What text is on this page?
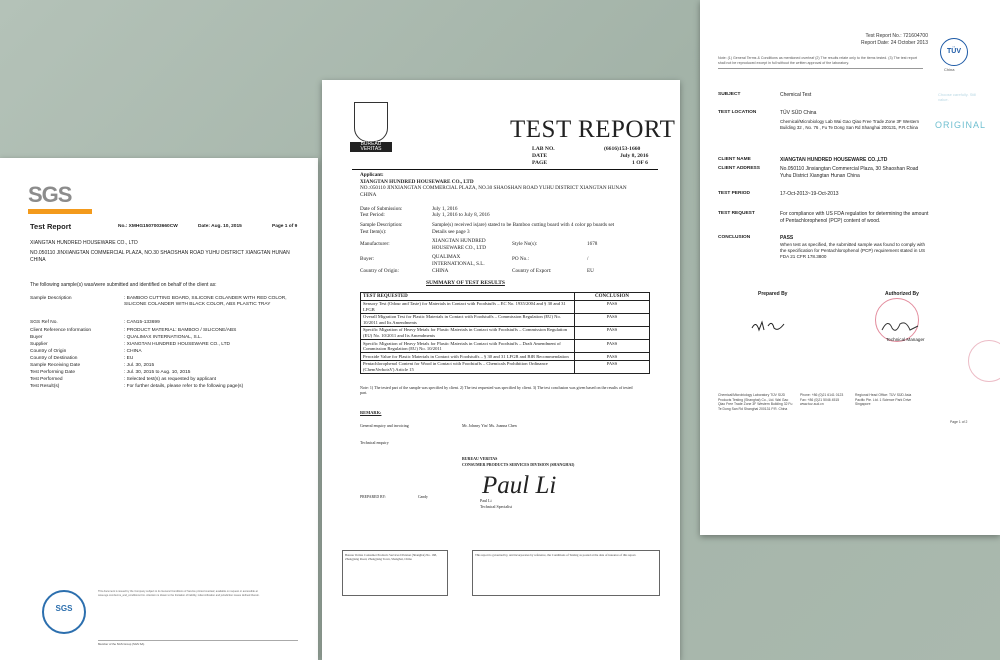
Test Report No.: 721604700
Report Date: 24 October 2013
TÜV
China
Note: (1) General Terms & Conditions as mentioned overleaf (2) The results relate only to the items tested. (3) The test report shall not be reproduced except in full without the written approval of the laboratory.
Choose carefully. Still value.
ORIGINAL
SUBJECT	Chemical Test
TEST LOCATION	TÜV SÜD China
Chemical/Microbiology Lab Wai Gao Qiao Free Trade Zone 3F Western Building 32 , No. 76 , Fu Te Dong San Rd Shanghai 200131, P.R.China
CLIENT NAME	XIANGTAN HUNDRED HOUSEWARE CO.,LTD
CLIENT ADDRESS	No.050110 Jinxiangtan Commercial Plaza, 30 Shaoshan Road Yuhu District Xiangtan Hunan China
TEST PERIOD	17-Oct-2013~19-Oct-2013
TEST REQUEST	For compliance with US FDA regulation for determining the amount of Pentachlorophenol (PCP) content of wood.
CONCLUSION	PASS
When test as specified, the submitted sample was found to comply with the specification for Pentachlorophenol (PCP) requirement stated in US FDA 21 CFR 178.3800
Prepared By	Authorized By
Technical Manager
Chemical/Microbiology Laboratory TÜV SÜD Products Testing (Shanghai) Co., Ltd. Wai Gao Qiao Free Trade Zone 3F Western Building 32 Fu Te Dong San Rd Shanghai 200131 P.R. China
Phone: +86 (0)21 6141 0123 Fax: +86 (0)21 5046 4515 www.tuv-sud.cn
Regional Head Office: TÜV SÜD Asia Pacific Pte. Ltd. 1 Science Park Drive Singapore
Page 1 of 2
SGS
Test Report	No.: XMHG1507003660CW	Date: Aug. 10, 2015	Page 1 of 9
XIANGTAN HUNDRED HOUSEWARE CO., LTD
NO.050110 JINXIANGTAN COMMERCIAL PLAZA, NO.30 SHAOSHAN ROAD YUHU DISTRICT XIANGTAN HUNAN CHINA
The following sample(s) was/were submitted and identified on behalf of the client as:
Sample Description	: BAMBOO CUTTING BOARD, SILICONE COLANDER WITH RED COLOR, SILICONE COLANDER WITH BLACK COLOR, ABS PLASTIC TRAY
SGS Ref No.	: CAN15-133699
Client Reference Information	: PRODUCT MATERIAL: BAMBOO / SILICONE/ABS
Buyer	: QUALIMAX INTERNATIONAL, S.L.
Supplier	: XIANGTAN HUNDRED HOUSEWARE CO., LTD
Country of Origin	: CHINA
Country of Destination	: EU
Sample Receiving Date	: Jul. 30, 2015
Test Performing Date	: Jul. 30, 2015 to Aug. 10, 2015
Test Performed	: Selected test(s) as requested by applicant
Test Result(s)	: For further details, please refer to the following page(s)
SGS
This document is issued by the Company subject to its General Conditions of Service printed overleaf, available on request or accessible at www.sgs.com/terms_and_conditions.htm. Attention is drawn to the limitation of liability, indemnification and jurisdiction issues defined therein.
Member of the SGS Group (SGS SA)
BUREAU VERITAS
TEST REPORT
LAB NO.	(6616)153-1660
DATE	July 8, 2016
PAGE	1 OF 6
Applicant:
XIANGTAN HUNDRED HOUSEWARE CO., LTD
NO.:050110 JINXIANGTAN COMMERCIAL PLAZA, NO.30 SHAOSHAN ROAD YUHU DISTRICT XIANGTAN HUNAN CHINA
Date of Submission:	July 1, 2016
Test Period:	July 1, 2016 to July 8, 2016
Sample Description:	Sample(s) received is(are) stated to be Bamboo cutting board with 4 color pp boards set
Test Item(s):	Details see page 3
Manufacturer:	XIANGTAN HUNDRED HOUSEWARE CO., LTD
Style No(s):	1678
Buyer:	QUALIMAX INTERNATIONAL, S.L.
PO No.:	/
Country of Origin:	CHINA	Country of Export:	EU
SUMMARY OF TEST RESULTS
TEST REQUESTED	CONCLUSION
Sensory Test (Odour and Taste) for Materials in Contact with Foodstuffs – EC No. 1935/2004 and § 30 and 31 LFGB	PASS
Overall Migration Test for Plastic Materials in Contact with Foodstuffs – Commission Regulation (EU) No. 10/2011 and Its Amendments	PASS
Specific Migration of Heavy Metals for Plastic Materials in Contact with Foodstuffs – Commission Regulation (EU) No. 10/2011 and Its Amendments	PASS
Specific Migration of Heavy Metals for Plastic Materials in Contact with Foodstuffs – Draft Amendment of Commission Regulation (EU) No. 10/2011	PASS
Peroxide Value for Plastic Materials in Contact with Foodstuffs – § 30 and 31 LFGB and BfR Recommendation	PASS
Pentachlorophenol Content for Wood in Contact with Foodstuffs – Chemicals Prohibition Ordinance (ChemVerbotsV) Article 15	PASS
Note: 1) The tested part of the sample was specified by client. 2) The test requested was specified by client. 3) The test conclusion was given based on the results of tested part.
REMARK:
General enquiry and invoicing	Mr. Johnny Yin/ Ms. Joanna Chen
Technical enquiry
BUREAU VERITAS
CONSUMER PRODUCTS SERVICES DIVISION (SHANGHAI)
Paul Li
Paul Li
Technical Specialist
PREPARED BY:	Candy
Bureau Veritas Consumer Products Services Division (Shanghai) No. 168, Zhangjiang Road, Zhangjiang Town, Shanghai, China
This report is governed by, and incorporates by reference, the Conditions of Testing as posted at the date of issuance of this report.
